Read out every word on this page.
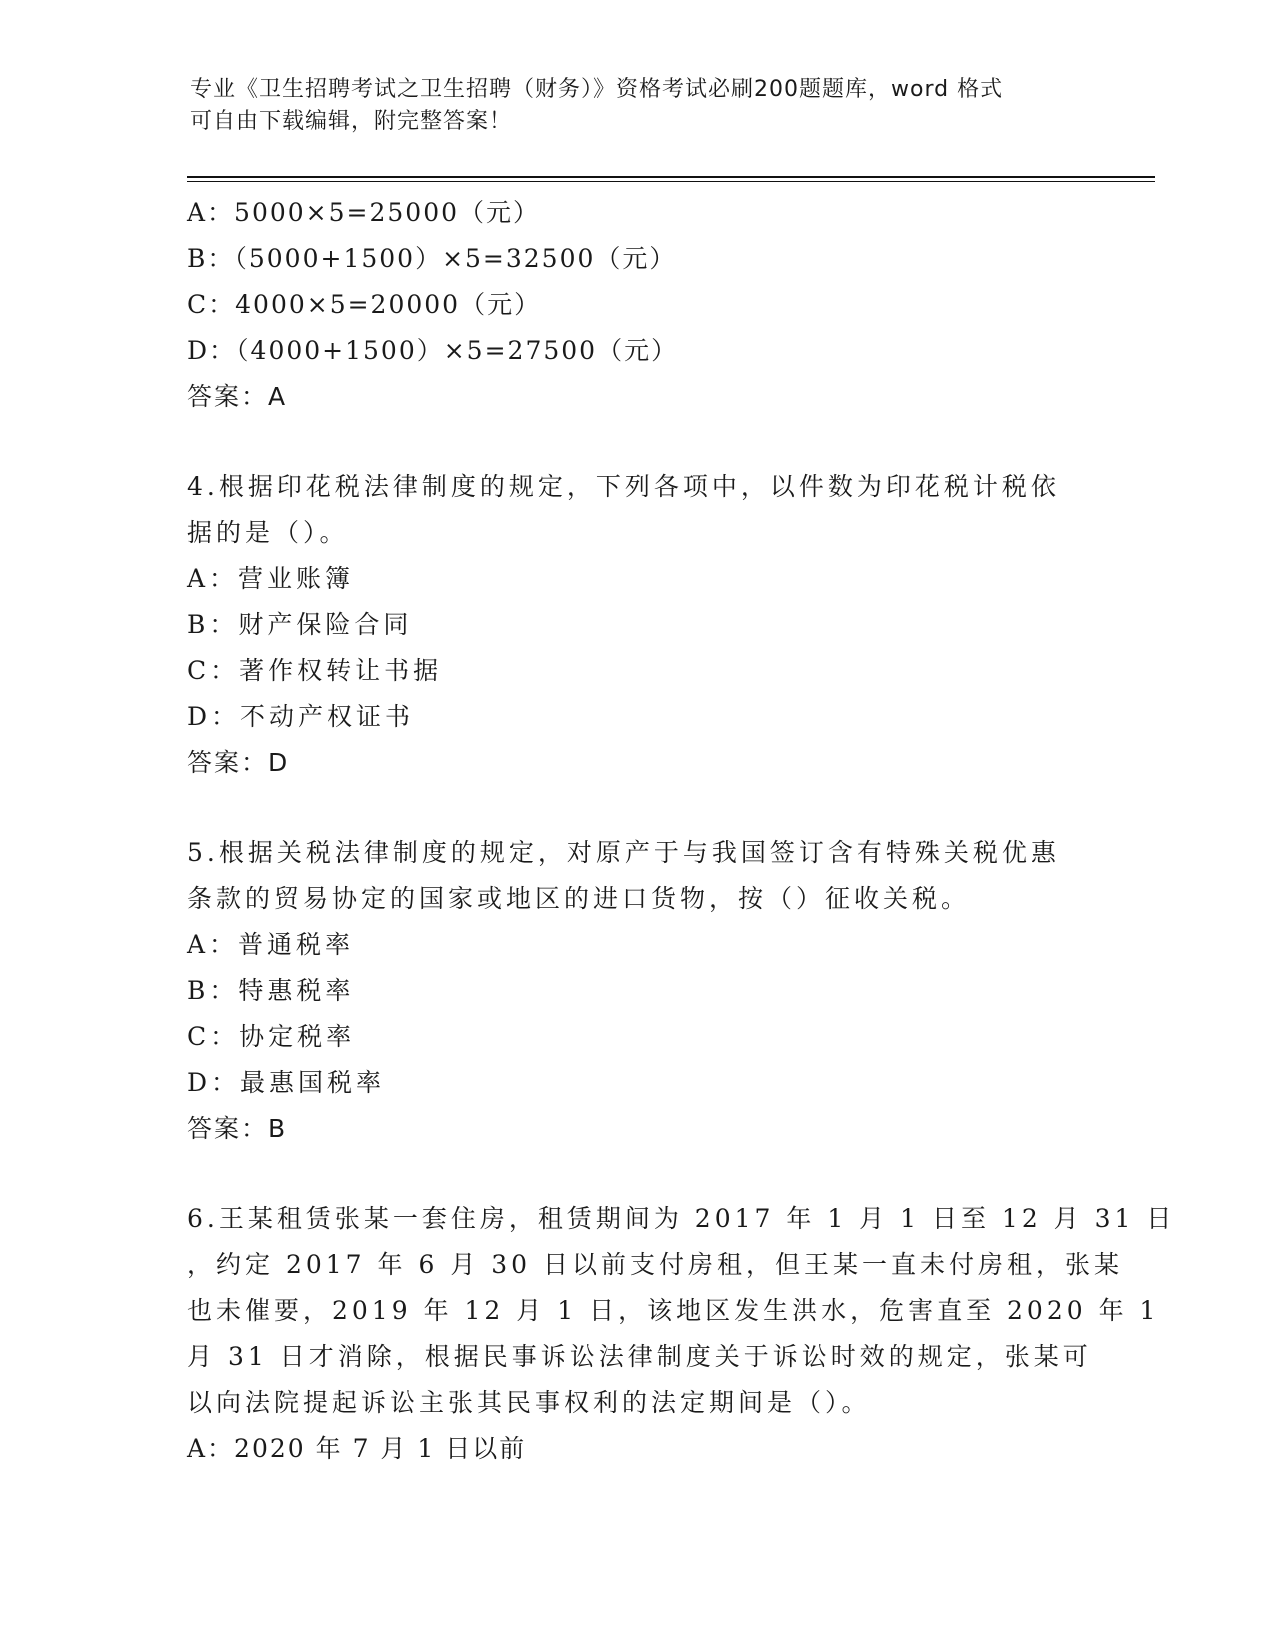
专业《卫生招聘考试之卫生招聘（财务）》资格考试必刷200题题库，word 格式
可自由下载编辑，附完整答案！
A：5000×5=25000（元）
B：（5000+1500）×5=32500（元）
C：4000×5=20000（元）
D：（4000+1500）×5=27500（元）
答案：A
4.根据印花税法律制度的规定，下列各项中，以件数为印花税计税依
据的是（）。
A：营业账簿
B：财产保险合同
C：著作权转让书据
D：不动产权证书
答案：D
5.根据关税法律制度的规定，对原产于与我国签订含有特殊关税优惠
条款的贸易协定的国家或地区的进口货物，按（）征收关税。
A：普通税率
B：特惠税率
C：协定税率
D：最惠国税率
答案：B
6.王某租赁张某一套住房，租赁期间为 2017 年 1 月 1 日至 12 月 31 日
，约定 2017 年 6 月 30 日以前支付房租，但王某一直未付房租，张某
也未催要，2019 年 12 月 1 日，该地区发生洪水，危害直至 2020 年 1
月 31 日才消除，根据民事诉讼法律制度关于诉讼时效的规定，张某可
以向法院提起诉讼主张其民事权利的法定期间是（）。
A：2020 年 7 月 1 日以前
